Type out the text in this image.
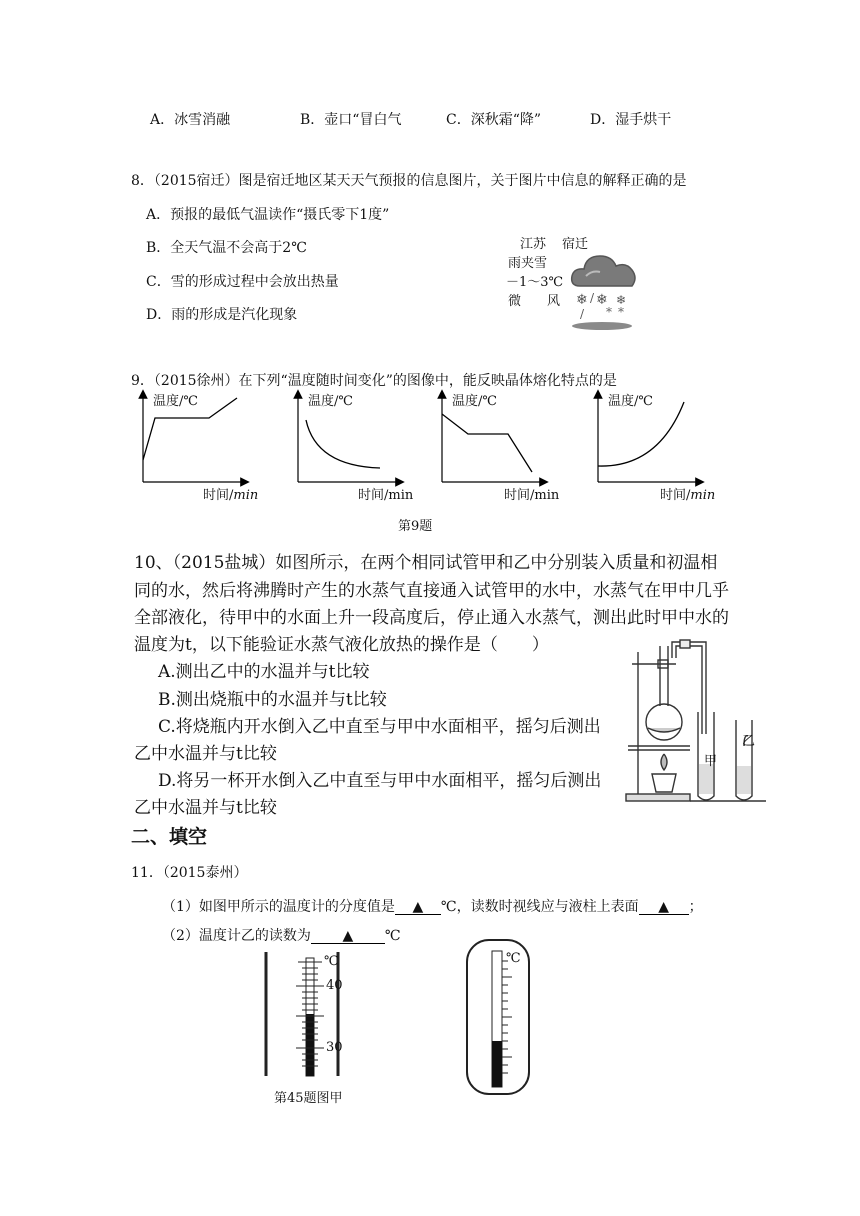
A．冰雪消融	B．壶口“冒白气	C．深秋霜“降”	D．湿手烘干
8．（2015宿迁）图是宿迁地区某天天气预报的信息图片，关于图片中信息的解释正确的是
A．预报的最低气温读作“摄氏零下1度”
B．全天气温不会高于2℃
C．雪的形成过程中会放出热量
D．雨的形成是汽化现象
江苏 宿迁
雨夹雪
－1～3℃
微　　风 ❄ / ❄ ❄
/ * *
9．（2015徐州）在下列“温度随时间变化”的图像中，能反映晶体熔化特点的是
温度/℃
时间/min
温度/℃
时间/min
温度/℃
时间/min
温度/℃
时间/min
第9题
10、（2015盐城）如图所示，在两个相同试管甲和乙中分别装入质量和初温相
同的水，然后将沸腾时产生的水蒸气直接通入试管甲的水中，水蒸气在甲中几乎
全部液化，待甲中的水面上升一段高度后，停止通入水蒸气，测出此时甲中水的
温度为t，以下能验证水蒸气液化放热的操作是（　　）
A.测出乙中的水温并与t比较
B.测出烧瓶中的水温并与t比较
C.将烧瓶内开水倒入乙中直至与甲中水面相平，摇匀后测出
乙中水温并与t比较
D.将另一杯开水倒入乙中直至与甲中水面相平，摇匀后测出
乙中水温并与t比较
甲
乙
二、填空
11．（2015泰州）
（1）如图甲所示的温度计的分度值是 ▲ ℃，读数时视线应与液柱上表面 ▲ ；
（2）温度计乙的读数为 ▲ ℃
℃
40
30
第45题图甲
℃
